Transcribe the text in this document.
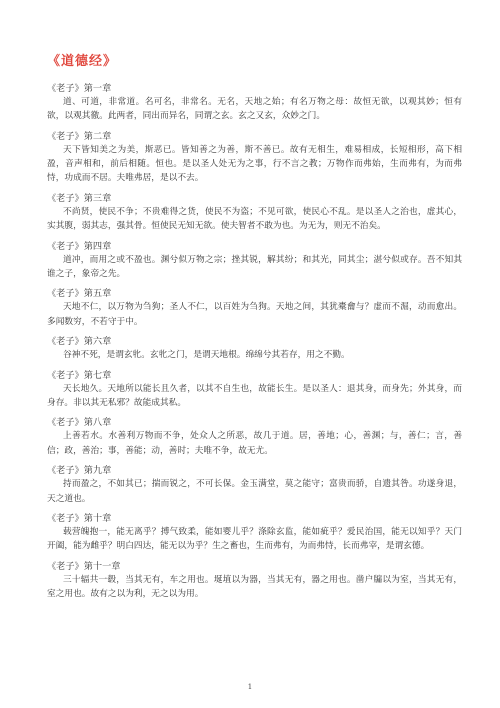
《道德经》
《老子》第一章
道、可道，非常道。名可名，非常名。无名，天地之始；有名万物之母：故恒无欲，以观其妙；恒有欲，以观其徼。此两者，同出而异名，同谓之玄。玄之又玄，众妙之门。
《老子》第二章
天下皆知美之为美，斯恶已。皆知善之为善，斯不善已。故有无相生，难易相成，长短相形，高下相盈，音声相和，前后相随。恒也。是以圣人处无为之事，行不言之教；万物作而弗始，生而弗有，为而弗恃，功成而不居。夫唯弗居，是以不去。
《老子》第三章
不尚贤，使民不争；不贵难得之货，使民不为盗；不见可欲，使民心不乱。是以圣人之治也，虚其心，实其腹，弱其志，强其骨。恒使民无知无欲。使夫智者不敢为也。为无为，则无不治矣。
《老子》第四章
道冲，而用之或不盈也。渊兮似万物之宗；挫其锐，解其纷；和其光，同其尘；湛兮似或存。吾不知其谁之子，象帝之先。
《老子》第五章
天地不仁，以万物为刍狗；圣人不仁，以百姓为刍狗。天地之间，其犹橐龠与？虚而不淈，动而愈出。多闻数穷，不若守于中。
《老子》第六章
谷神不死，是谓玄牝。玄牝之门，是谓天地根。绵绵兮其若存，用之不勤。
《老子》第七章
天长地久。天地所以能长且久者，以其不自生也，故能长生。是以圣人：退其身，而身先；外其身，而身存。非以其无私邪？故能成其私。
《老子》第八章
上善若水。水善利万物而不争，处众人之所恶，故几于道。居，善地；心，善渊；与，善仁；言，善信；政，善治；事，善能；动，善时；夫唯不争，故无尤。
《老子》第九章
持而盈之，不如其已；揣而锐之，不可长保。金玉满堂，莫之能守；富贵而骄，自遗其咎。功遂身退，天之道也。
《老子》第十章
载营魄抱一，能无离乎？搏气致柔，能如婴儿乎？涤除玄监，能如疵乎？爱民治国，能无以知乎？天门开阖，能为雌乎？明白四达，能无以为乎？生之畜也，生而弗有，为而弗恃，长而弗宰，是谓玄德。
《老子》第十一章
三十辐共一毂，当其无有，车之用也。埏埴以为器，当其无有，器之用也。凿户牖以为室，当其无有，室之用也。故有之以为利，无之以为用。
1
